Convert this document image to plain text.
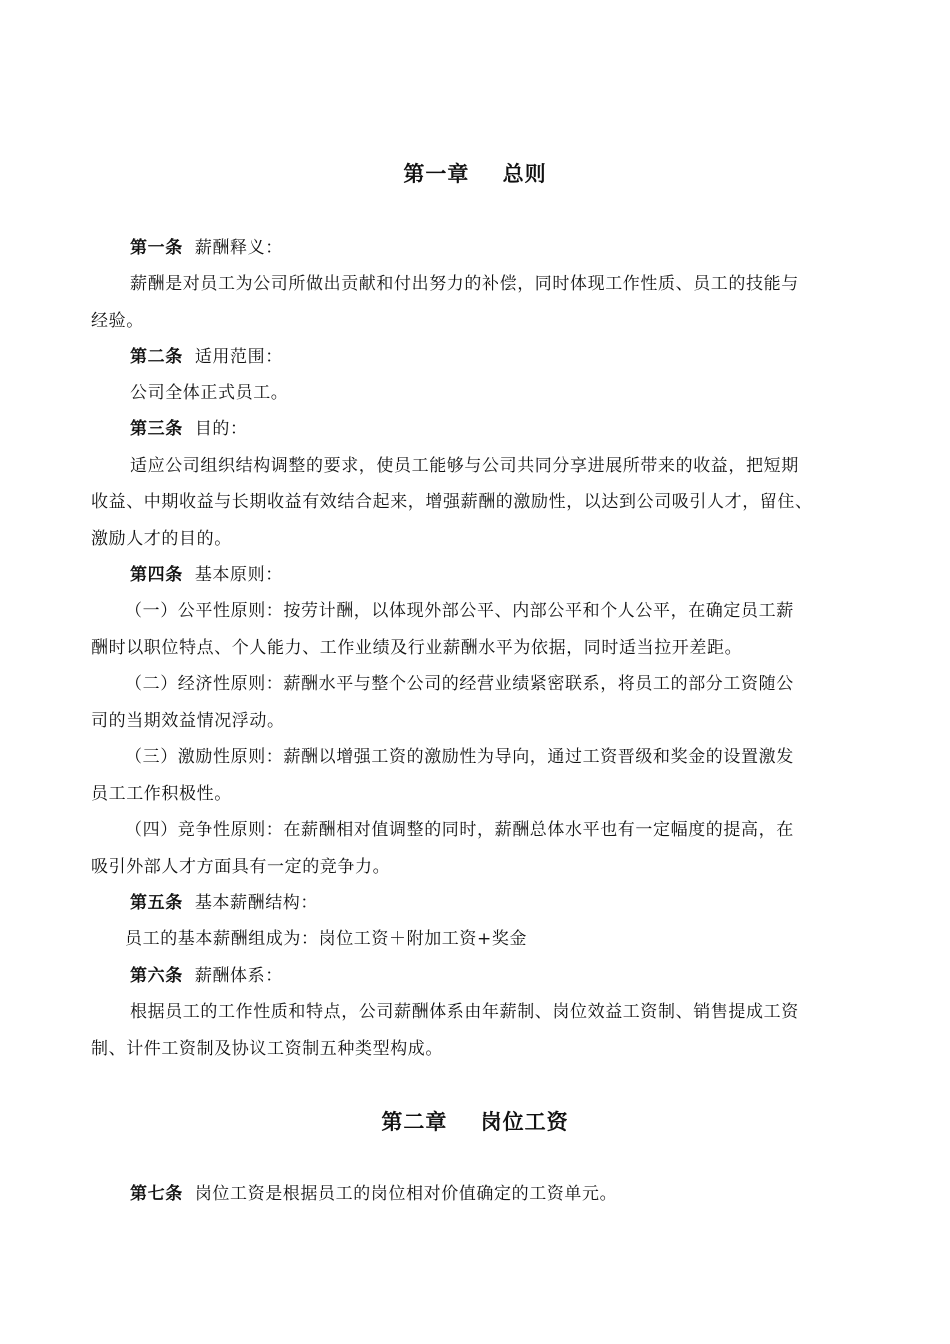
第一章    总则
第一条 薪酬释义：
薪酬是对员工为公司所做出贡献和付出努力的补偿，同时体现工作性质、员工的技能与
经验。
第二条 适用范围：
公司全体正式员工。
第三条 目的：
适应公司组织结构调整的要求，使员工能够与公司共同分享进展所带来的收益，把短期
收益、中期收益与长期收益有效结合起来，增强薪酬的激励性，以达到公司吸引人才，留住、
激励人才的目的。
第四条 基本原则：
（一）公平性原则：按劳计酬，以体现外部公平、内部公平和个人公平，在确定员工薪
酬时以职位特点、个人能力、工作业绩及行业薪酬水平为依据，同时适当拉开差距。
（二）经济性原则：薪酬水平与整个公司的经营业绩紧密联系，将员工的部分工资随公
司的当期效益情况浮动。
（三）激励性原则：薪酬以增强工资的激励性为导向，通过工资晋级和奖金的设置激发
员工工作积极性。
（四）竞争性原则：在薪酬相对值调整的同时，薪酬总体水平也有一定幅度的提高，在
吸引外部人才方面具有一定的竞争力。
第五条 基本薪酬结构：
员工的基本薪酬组成为：岗位工资＋附加工资+奖金
第六条 薪酬体系：
根据员工的工作性质和特点，公司薪酬体系由年薪制、岗位效益工资制、销售提成工资
制、计件工资制及协议工资制五种类型构成。
第二章    岗位工资
第七条 岗位工资是根据员工的岗位相对价值确定的工资单元。
